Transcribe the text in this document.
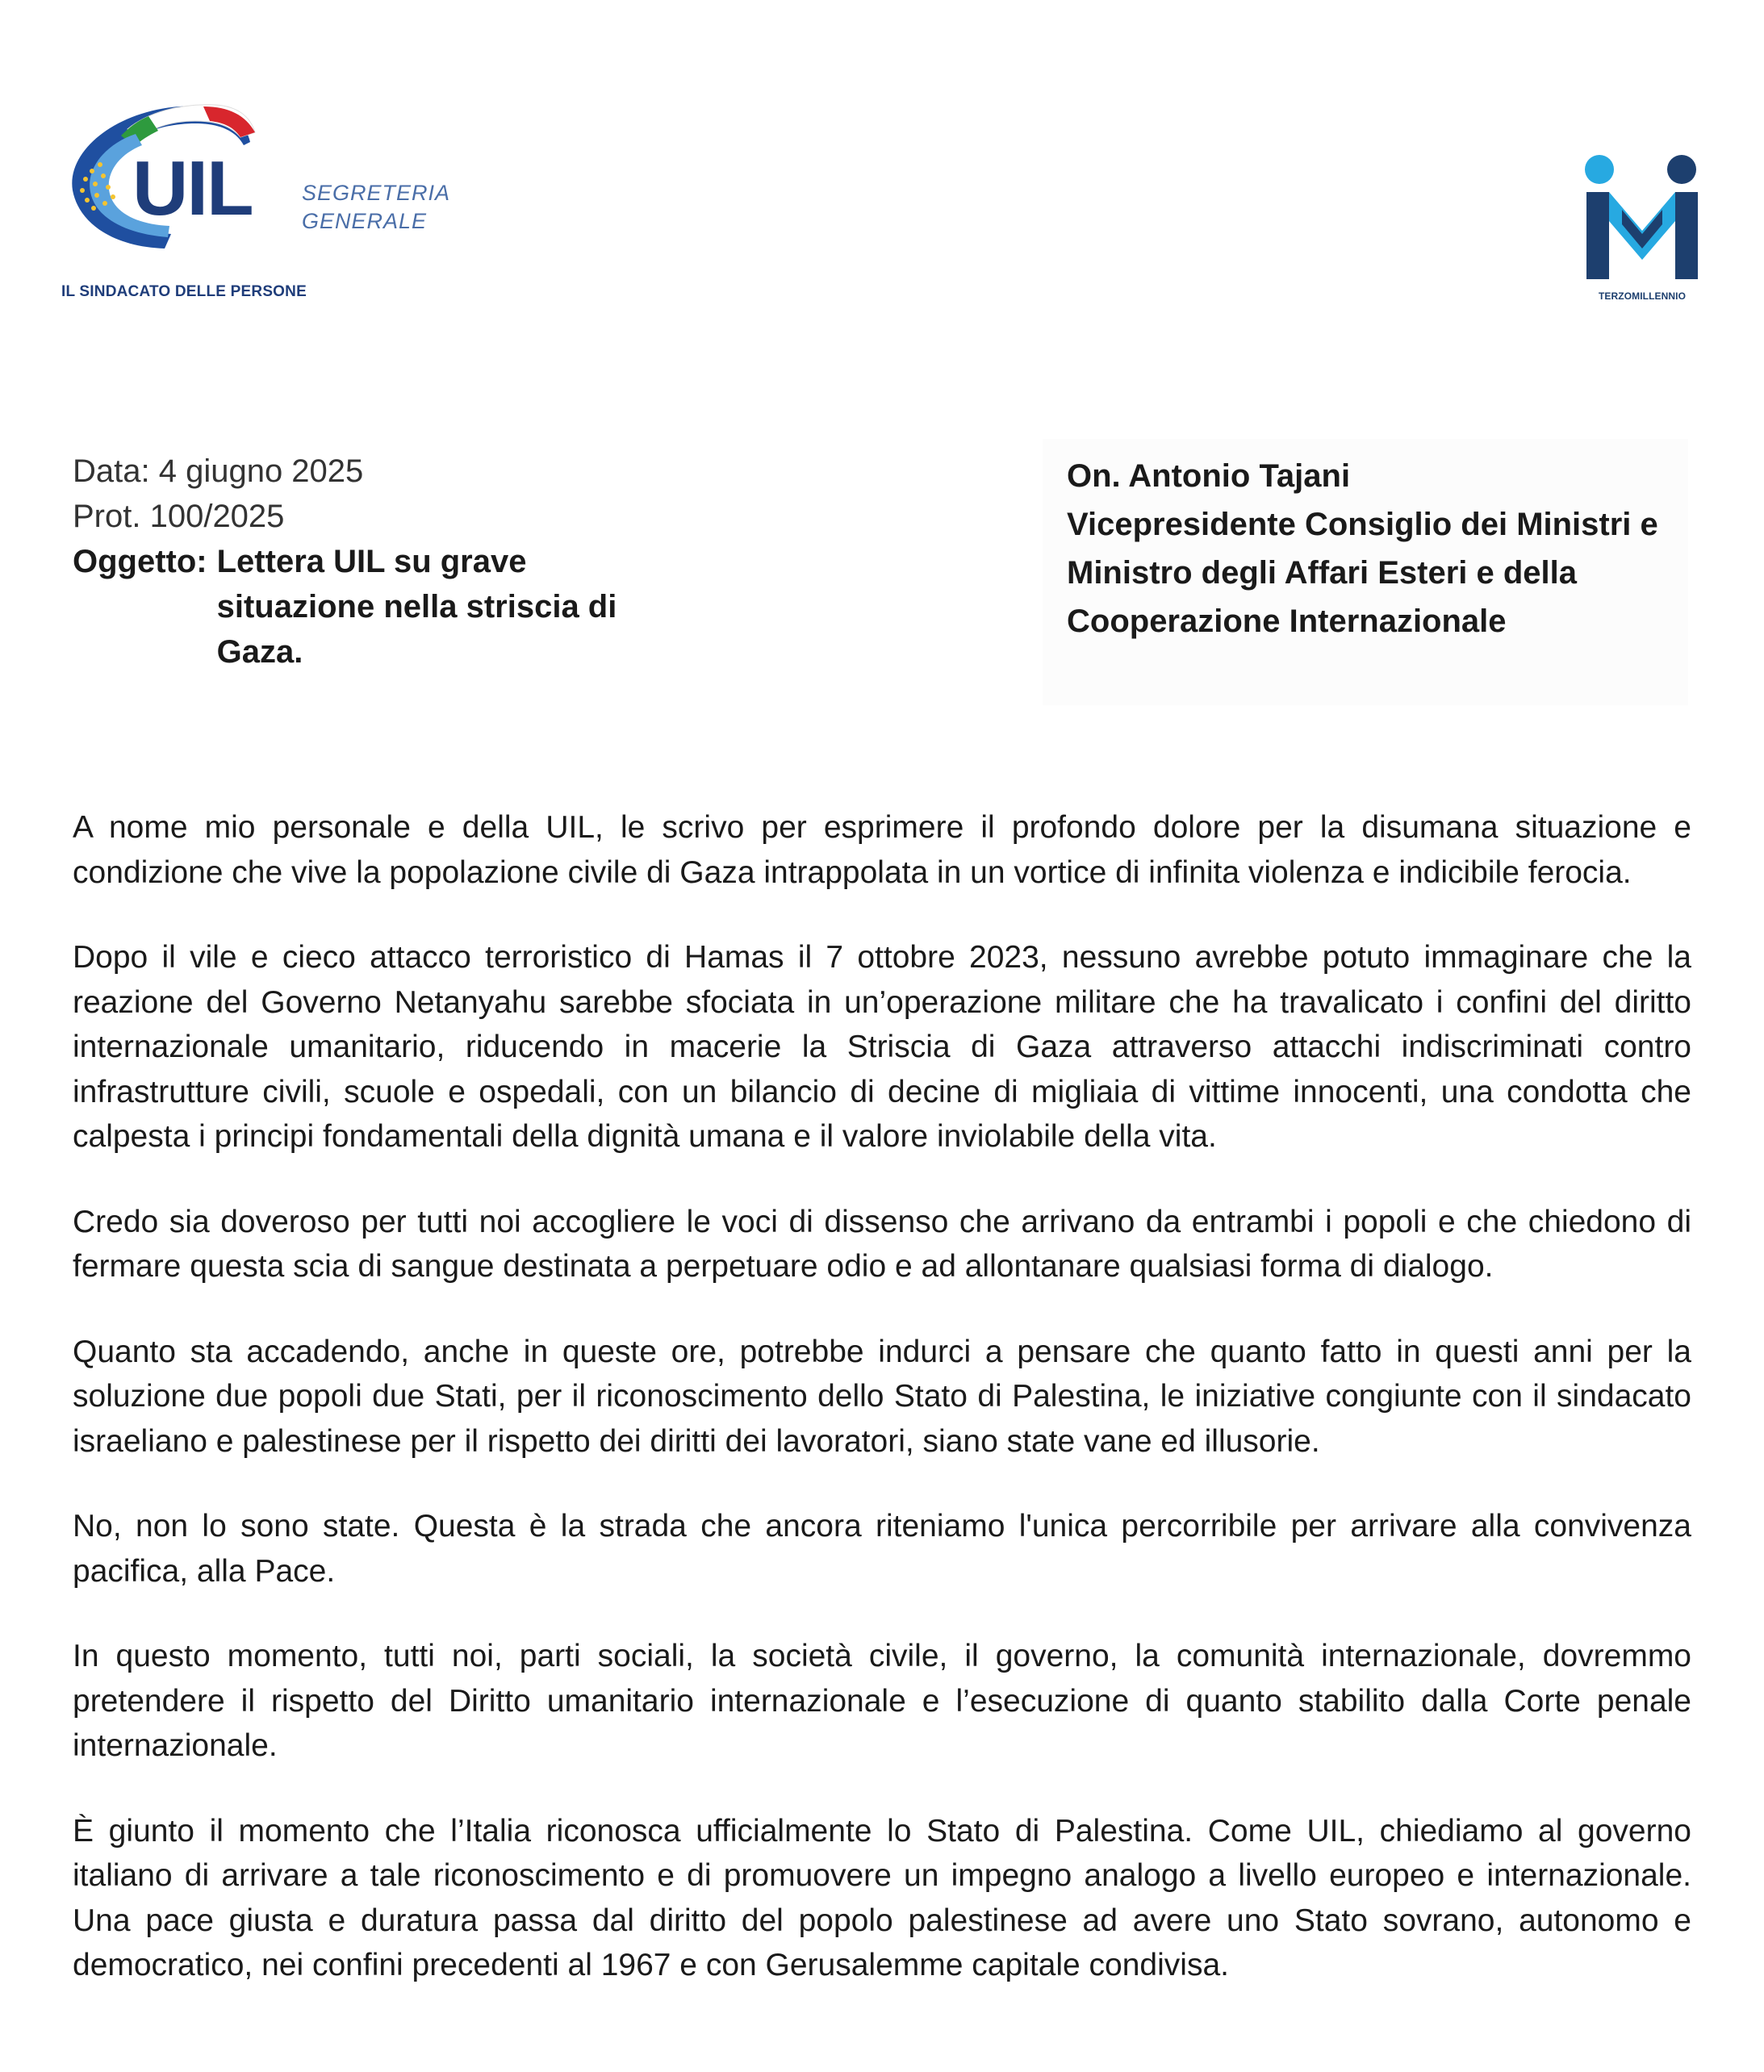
UIL SEGRETERIA
GENERALE
IL SINDACATO DELLE PERSONE	TERZOMILLENNIO
Data: 4 giugno 2025
Prot. 100/2025
Oggetto: Lettera UIL su grave situazione nella striscia di Gaza.
On. Antonio Tajani
Vicepresidente Consiglio dei Ministri e
Ministro degli Affari Esteri e della
Cooperazione Internazionale

A nome mio personale e della UIL, le scrivo per esprimere il profondo dolore per la disumana situazione e condizione che vive la popolazione civile di Gaza intrappolata in un vortice di infinita violenza e indicibile ferocia.

Dopo il vile e cieco attacco terroristico di Hamas il 7 ottobre 2023, nessuno avrebbe potuto immaginare che la reazione del Governo Netanyahu sarebbe sfociata in un’operazione militare che ha travalicato i confini del diritto internazionale umanitario, riducendo in macerie la Striscia di Gaza attraverso attacchi indiscriminati contro infrastrutture civili, scuole e ospedali, con un bilancio di decine di migliaia di vittime innocenti, una condotta che calpesta i principi fondamentali della dignità umana e il valore inviolabile della vita.

Credo sia doveroso per tutti noi accogliere le voci di dissenso che arrivano da entrambi i popoli e che chiedono di fermare questa scia di sangue destinata a perpetuare odio e ad allontanare qualsiasi forma di dialogo.

Quanto sta accadendo, anche in queste ore, potrebbe indurci a pensare che quanto fatto in questi anni per la soluzione due popoli due Stati, per il riconoscimento dello Stato di Palestina, le iniziative congiunte con il sindacato israeliano e palestinese per il rispetto dei diritti dei lavoratori, siano state vane ed illusorie.

No, non lo sono state. Questa è la strada che ancora riteniamo l'unica percorribile per arrivare alla convivenza pacifica, alla Pace.

In questo momento, tutti noi, parti sociali, la società civile, il governo, la comunità internazionale, dovremmo pretendere il rispetto del Diritto umanitario internazionale e l’esecuzione di quanto stabilito dalla Corte penale internazionale.

È giunto il momento che l’Italia riconosca ufficialmente lo Stato di Palestina. Come UIL, chiediamo al governo italiano di arrivare a tale riconoscimento e di promuovere un impegno analogo a livello europeo e internazionale. Una pace giusta e duratura passa dal diritto del popolo palestinese ad avere uno Stato sovrano, autonomo e democratico, nei confini precedenti al 1967 e con Gerusalemme capitale condivisa.
